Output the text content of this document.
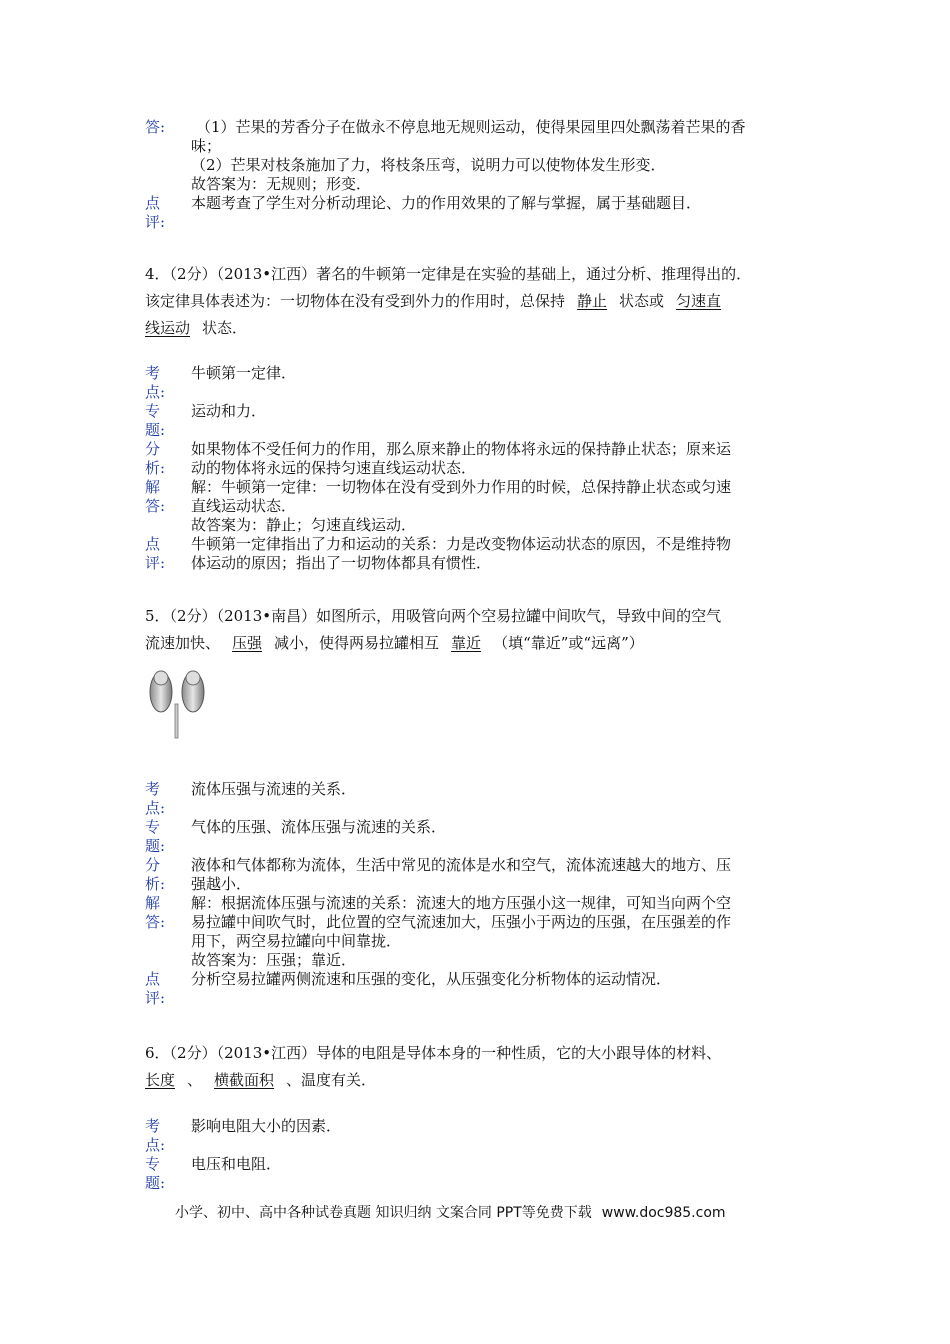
答:	（1）芒果的芳香分子在做永不停息地无规则运动，使得果园里四处飘荡着芒果的香
味；
（2）芒果对枝条施加了力，将枝条压弯，说明力可以使物体发生形变．
故答案为：无规则；形变．
点	本题考查了学生对分析动理论、力的作用效果的了解与掌握，属于基础题目．
评:
4．（2分）（2013•江西）著名的牛顿第一定律是在实验的基础上，通过分析、推理得出的．
该定律具体表述为：一切物体在没有受到外力的作用时，总保持 静止 状态或 匀速直
线运动 状态．
考	牛顿第一定律．
点:
专	运动和力．
题:
分	如果物体不受任何力的作用，那么原来静止的物体将永远的保持静止状态；原来运
析:	动的物体将永远的保持匀速直线运动状态．
解	解：牛顿第一定律：一切物体在没有受到外力作用的时候，总保持静止状态或匀速
答:	直线运动状态．
故答案为：静止；匀速直线运动．
点	牛顿第一定律指出了力和运动的关系：力是改变物体运动状态的原因，不是维持物
评:	体运动的原因；指出了一切物体都具有惯性．
5．（2分）（2013•南昌）如图所示，用吸管向两个空易拉罐中间吹气，导致中间的空气
流速加快、 压强 减小，使得两易拉罐相互 靠近 （填“靠近”或“远离”）
考	流体压强与流速的关系．
点:
专	气体的压强、流体压强与流速的关系．
题:
分	液体和气体都称为流体，生活中常见的流体是水和空气，流体流速越大的地方、压
析:	强越小．
解	解：根据流体压强与流速的关系：流速大的地方压强小这一规律，可知当向两个空
答:	易拉罐中间吹气时，此位置的空气流速加大，压强小于两边的压强，在压强差的作
用下，两空易拉罐向中间靠拢．
故答案为：压强；靠近．
点	分析空易拉罐两侧流速和压强的变化，从压强变化分析物体的运动情况．
评:
6．（2分）（2013•江西）导体的电阻是导体本身的一种性质，它的大小跟导体的材料、
长度 、 横截面积 、温度有关．
考	影响电阻大小的因素．
点:
专	电压和电阻．
题:
小学、初中、高中各种试卷真题 知识归纳 文案合同 PPT等免费下载 www.doc985.com
